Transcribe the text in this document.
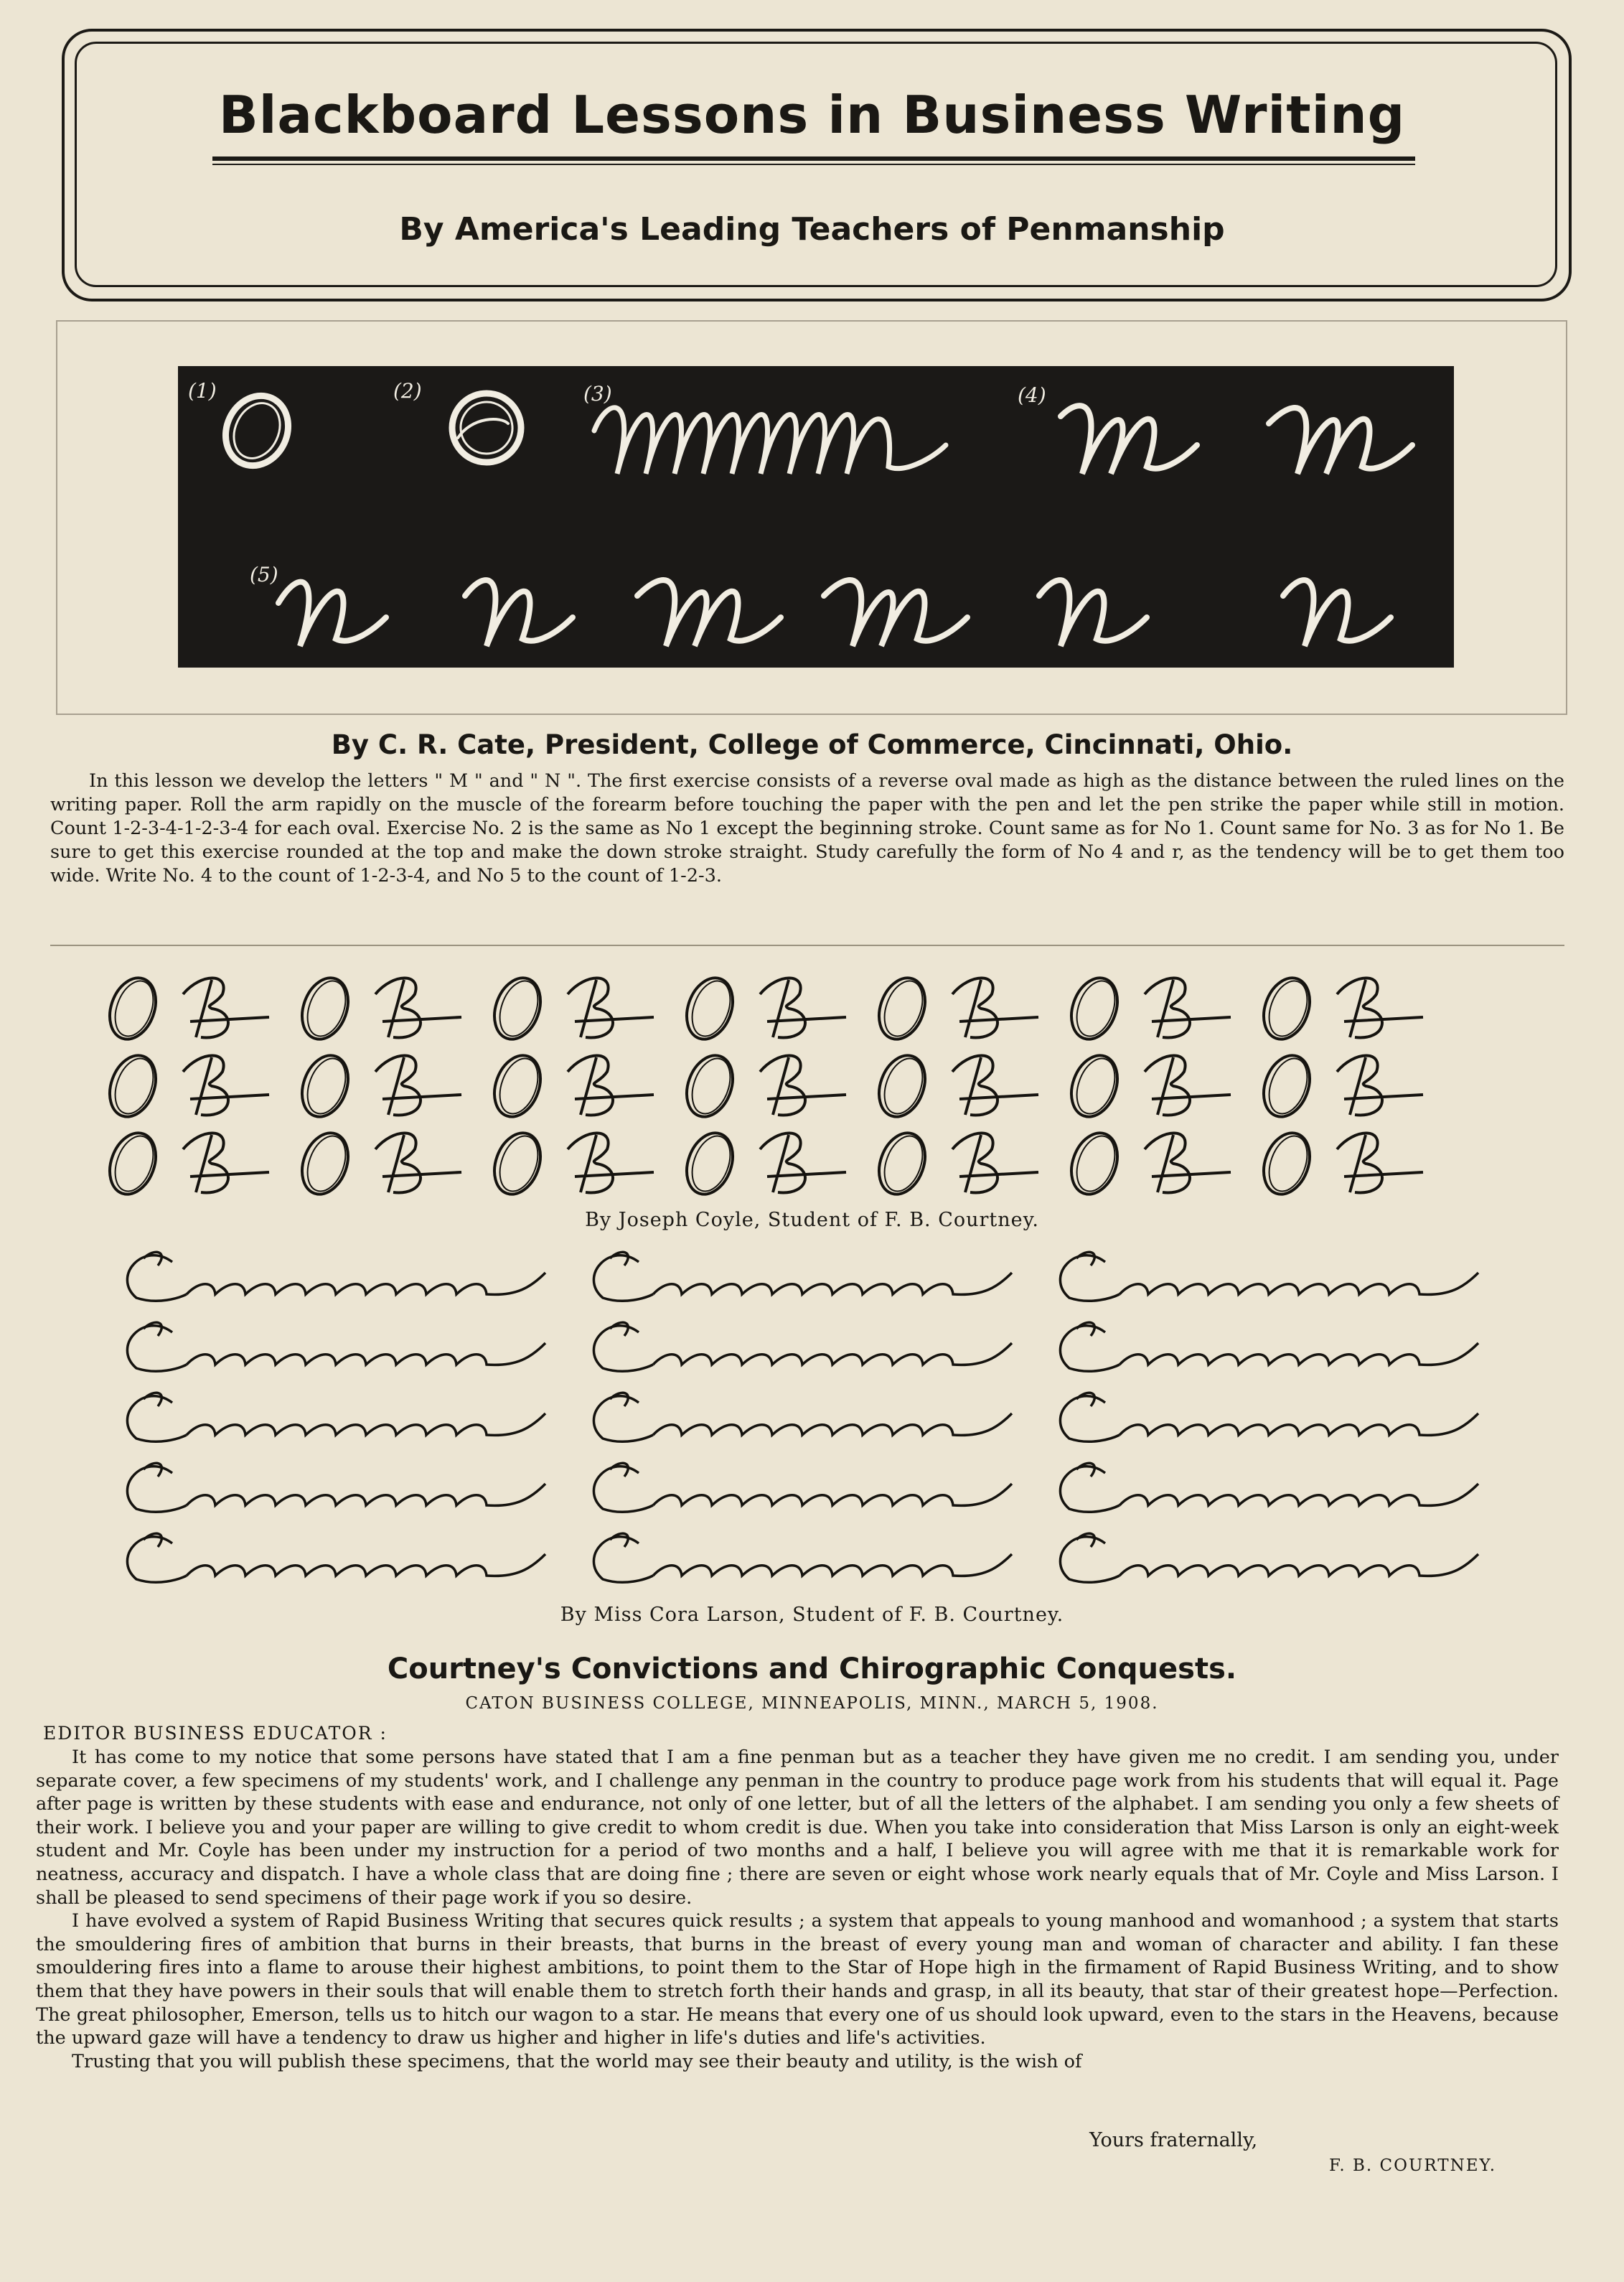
Blackboard Lessons in Business Writing
By America's Leading Teachers of Penmanship
(1)	(2)	(3)	(4)
(5)
By C. R. Cate, President, College of Commerce, Cincinnati, Ohio.

In this lesson we develop the letters " M " and " N ". The first exercise consists of a reverse oval made as high as the distance between the ruled lines on the writing paper. Roll the arm rapidly on the muscle of the forearm before touching the paper with the pen and let the pen strike the paper while still in motion. Count 1-2-3-4-1-2-3-4 for each oval. Exercise No. 2 is the same as No 1 except the beginning stroke. Count same as for No 1. Count same for No. 3 as for No 1. Be sure to get this exercise rounded at the top and make the down stroke straight. Study carefully the form of No 4 and r, as the tendency will be to get them too wide. Write No. 4 to the count of 1-2-3-4, and No 5 to the count of 1-2-3.

By Joseph Coyle, Student of F. B. Courtney.
By Miss Cora Larson, Student of F. B. Courtney.
Courtney's Convictions and Chirographic Conquests.
CATON BUSINESS COLLEGE, MINNEAPOLIS, MINN., MARCH 5, 1908.
EDITOR BUSINESS EDUCATOR :

It has come to my notice that some persons have stated that I am a fine penman but as a teacher they have given me no credit. I am sending you, under separate cover, a few specimens of my students' work, and I challenge any penman in the country to produce page work from his students that will equal it. Page after page is written by these students with ease and endurance, not only of one letter, but of all the letters of the alphabet. I am sending you only a few sheets of their work. I believe you and your paper are willing to give credit to whom credit is due. When you take into consideration that Miss Larson is only an eight-week student and Mr. Coyle has been under my instruction for a period of two months and a half, I believe you will agree with me that it is remarkable work for neatness, accuracy and dispatch. I have a whole class that are doing fine ; there are seven or eight whose work nearly equals that of Mr. Coyle and Miss Larson. I shall be pleased to send specimens of their page work if you so desire.

I have evolved a system of Rapid Business Writing that secures quick results ; a system that appeals to young manhood and womanhood ; a system that starts the smouldering fires of ambition that burns in their breasts, that burns in the breast of every young man and woman of character and ability. I fan these smouldering fires into a flame to arouse their highest ambitions, to point them to the Star of Hope high in the firmament of Rapid Business Writing, and to show them that they have powers in their souls that will enable them to stretch forth their hands and grasp, in all its beauty, that star of their greatest hope—Perfection. The great philosopher, Emerson, tells us to hitch our wagon to a star. He means that every one of us should look upward, even to the stars in the Heavens, because the upward gaze will have a tendency to draw us higher and higher in life's duties and life's activities.

Trusting that you will publish these specimens, that the world may see their beauty and utility, is the wish of

Yours fraternally,
F. B. COURTNEY.
